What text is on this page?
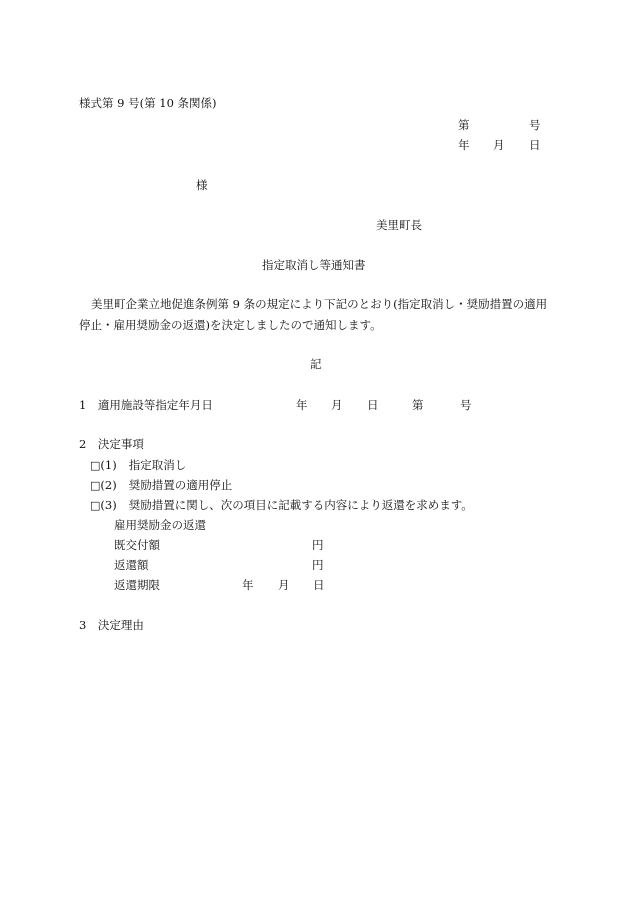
様式第 9 号(第 10 条関係)
第	号
年 月 日
様
美里町長
指定取消し等通知書
美里町企業立地促進条例第 9 条の規定により下記のとおり(指定取消し・奨励措置の適用
停止・雇用奨励金の返還)を決定しましたので通知します。
記
1　適用施設等指定年月日	年 月 日	第	号
2　決定事項
□(1) 指定取消し
□(2) 奨励措置の適用停止
□(3) 奨励措置に関し、次の項目に記載する内容により返還を求めます。
雇用奨励金の返還
既交付額	円
返還額	円
返還期限	年 月 日
3　決定理由
